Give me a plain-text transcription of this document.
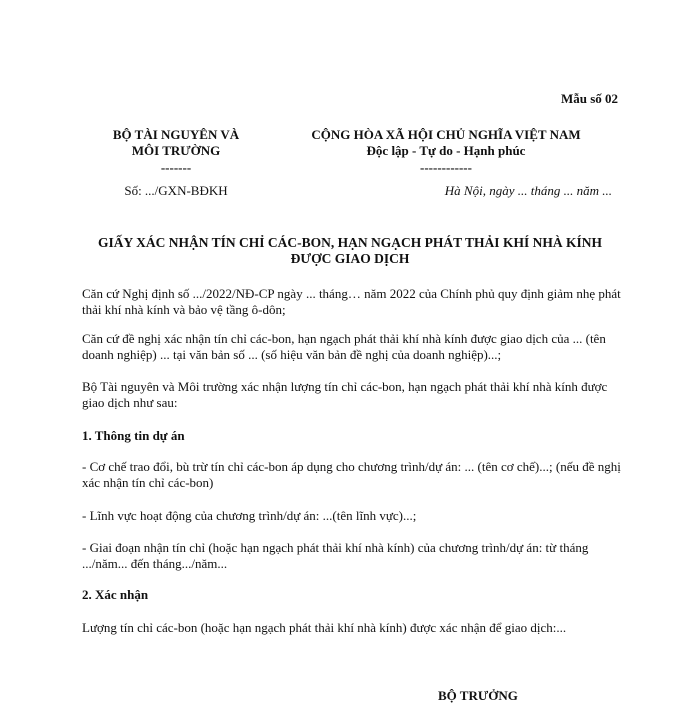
Mẫu số 02
BỘ TÀI NGUYÊN VÀ
MÔI TRƯỜNG
-------
CỘNG HÒA XÃ HỘI CHỦ NGHĨA VIỆT NAM
Độc lập - Tự do - Hạnh phúc
------------
Số: .../GXN-BĐKH	Hà Nội, ngày ... tháng ... năm ...
GIẤY XÁC NHẬN TÍN CHỈ CÁC-BON, HẠN NGẠCH PHÁT THẢI KHÍ NHÀ KÍNH
ĐƯỢC GIAO DỊCH
Căn cứ Nghị định số .../2022/NĐ-CP ngày ... tháng… năm 2022 của Chính phủ quy định giảm nhẹ phát thải khí nhà kính và bảo vệ tầng ô-dôn;
Căn cứ đề nghị xác nhận tín chỉ các-bon, hạn ngạch phát thải khí nhà kính được giao dịch của ... (tên doanh nghiệp) ... tại văn bản số ... (số hiệu văn bản đề nghị của doanh nghiệp)...;
Bộ Tài nguyên và Môi trường xác nhận lượng tín chỉ các-bon, hạn ngạch phát thải khí nhà kính được giao dịch như sau:
1. Thông tin dự án
- Cơ chế trao đổi, bù trừ tín chỉ các-bon áp dụng cho chương trình/dự án: ... (tên cơ chế)...; (nếu đề nghị xác nhận tín chỉ các-bon)
- Lĩnh vực hoạt động của chương trình/dự án: ...(tên lĩnh vực)...;
- Giai đoạn nhận tín chỉ (hoặc hạn ngạch phát thải khí nhà kính) của chương trình/dự án: từ tháng .../năm... đến tháng.../năm...
2. Xác nhận
Lượng tín chỉ các-bon (hoặc hạn ngạch phát thải khí nhà kính) được xác nhận để giao dịch:...
BỘ TRƯỞNG
